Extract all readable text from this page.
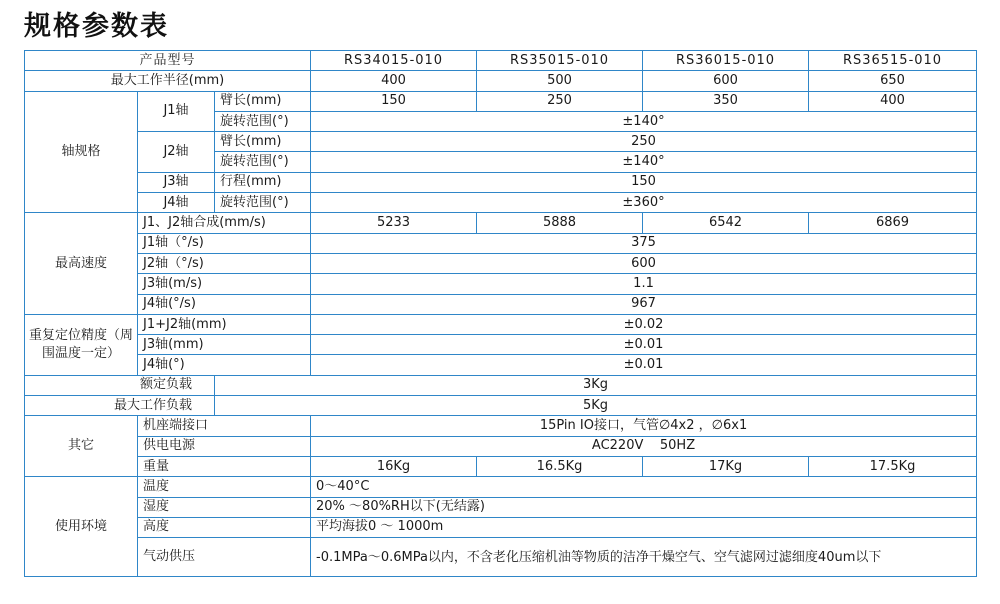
规格参数表
产品型号			RS34015-010	RS35015-010	RS36015-010	RS36515-010
最大工作半径(mm)			400	500	600	650
轴规格	J1轴	臂长(mm)	150	250	350	400
		旋转范围(°)	±140°			
	J2轴	臂长(mm)	250			
		旋转范围(°)	±140°			
	J3轴	行程(mm)	150			
	J4轴	旋转范围(°)	±360°			
最高速度	J1、J2轴合成(mm/s)		5233	5888	6542	6869
	J1轴（°/s)		375			
	J2轴（°/s)		600			
	J3轴(m/s)		1.1			
	J4轴(°/s)		967			
重复定位精度（周围温度一定）	J1+J2轴(mm)		±0.02			
	J3轴(mm)		±0.01			
	J4轴(°)		±0.01			
额定负载		3Kg				
最大工作负载		5Kg				
其它	机座端接口		15Pin IO接口，气管∅4x2 ，∅6x1			
	供电电源		AC220V    50HZ			
	重量		16Kg	16.5Kg	17Kg	17.5Kg
使用环境	温度		0～40°C			
	湿度		20% ～80%RH以下(无结露)			
	高度		平均海拔0 ～ 1000m			
	气动供压		-0.1MPa～0.6MPa以内，不含老化压缩机油等物质的洁净干燥空气、空气滤网过滤细度40um以下			
